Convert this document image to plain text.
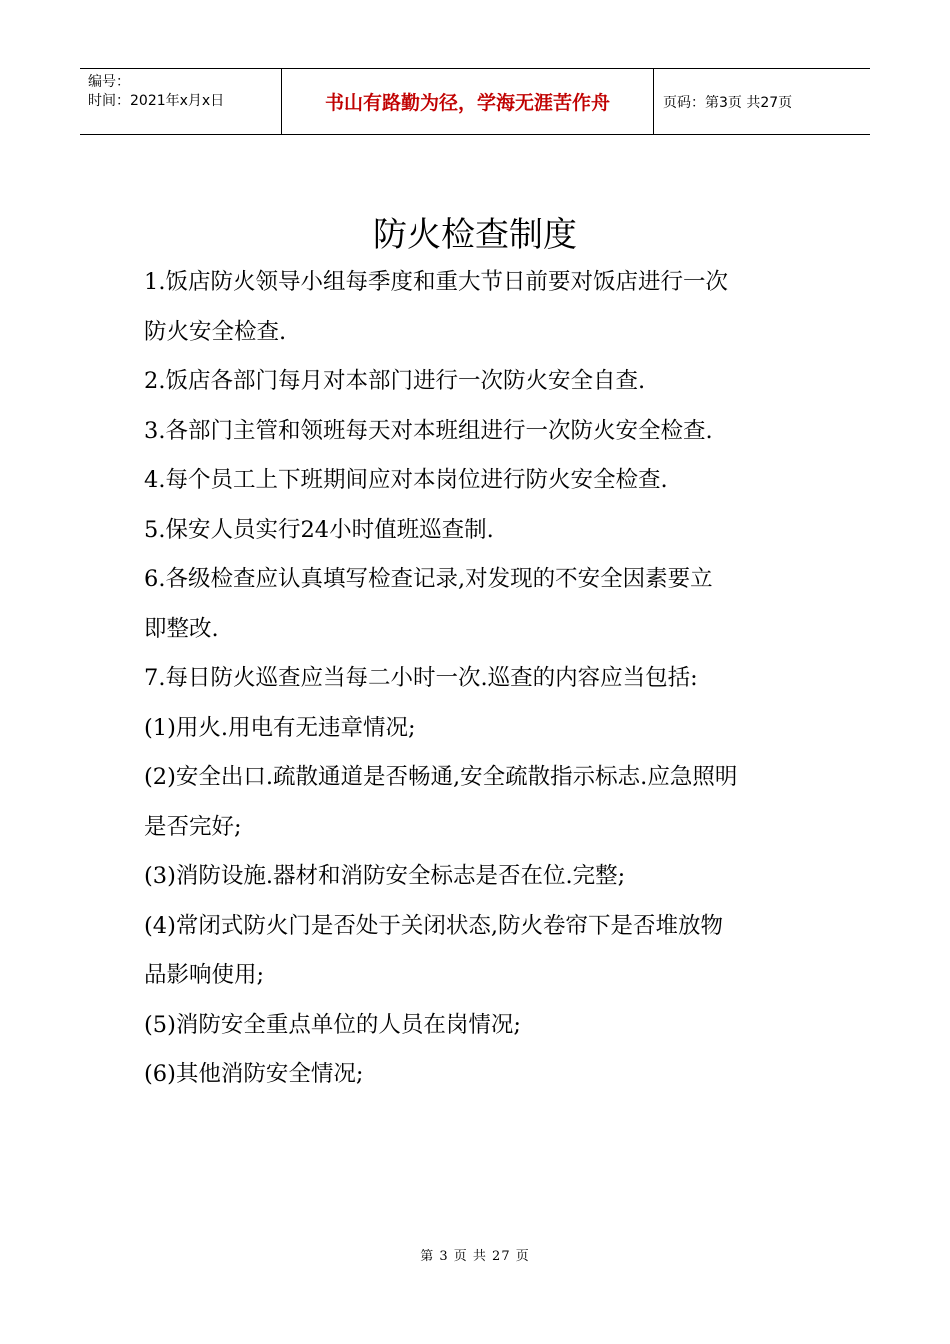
编号：
时间：2021年x月x日	书山有路勤为径，学海无涯苦作舟	页码：第3页 共27页
防火检查制度

1.饭店防火领导小组每季度和重大节日前要对饭店进行一次
防火安全检查.

2.饭店各部门每月对本部门进行一次防火安全自查.

3.各部门主管和领班每天对本班组进行一次防火安全检查.

4.每个员工上下班期间应对本岗位进行防火安全检查.

5.保安人员实行24小时值班巡查制.

6.各级检查应认真填写检查记录,对发现的不安全因素要立
即整改.

7.每日防火巡查应当每二小时一次.巡查的内容应当包括:

(1)用火.用电有无违章情况;

(2)安全出口.疏散通道是否畅通,安全疏散指示标志.应急照明
是否完好;

(3)消防设施.器材和消防安全标志是否在位.完整;

(4)常闭式防火门是否处于关闭状态,防火卷帘下是否堆放物
品影响使用;

(5)消防安全重点单位的人员在岗情况;

(6)其他消防安全情况;

第 3 页 共 27 页
